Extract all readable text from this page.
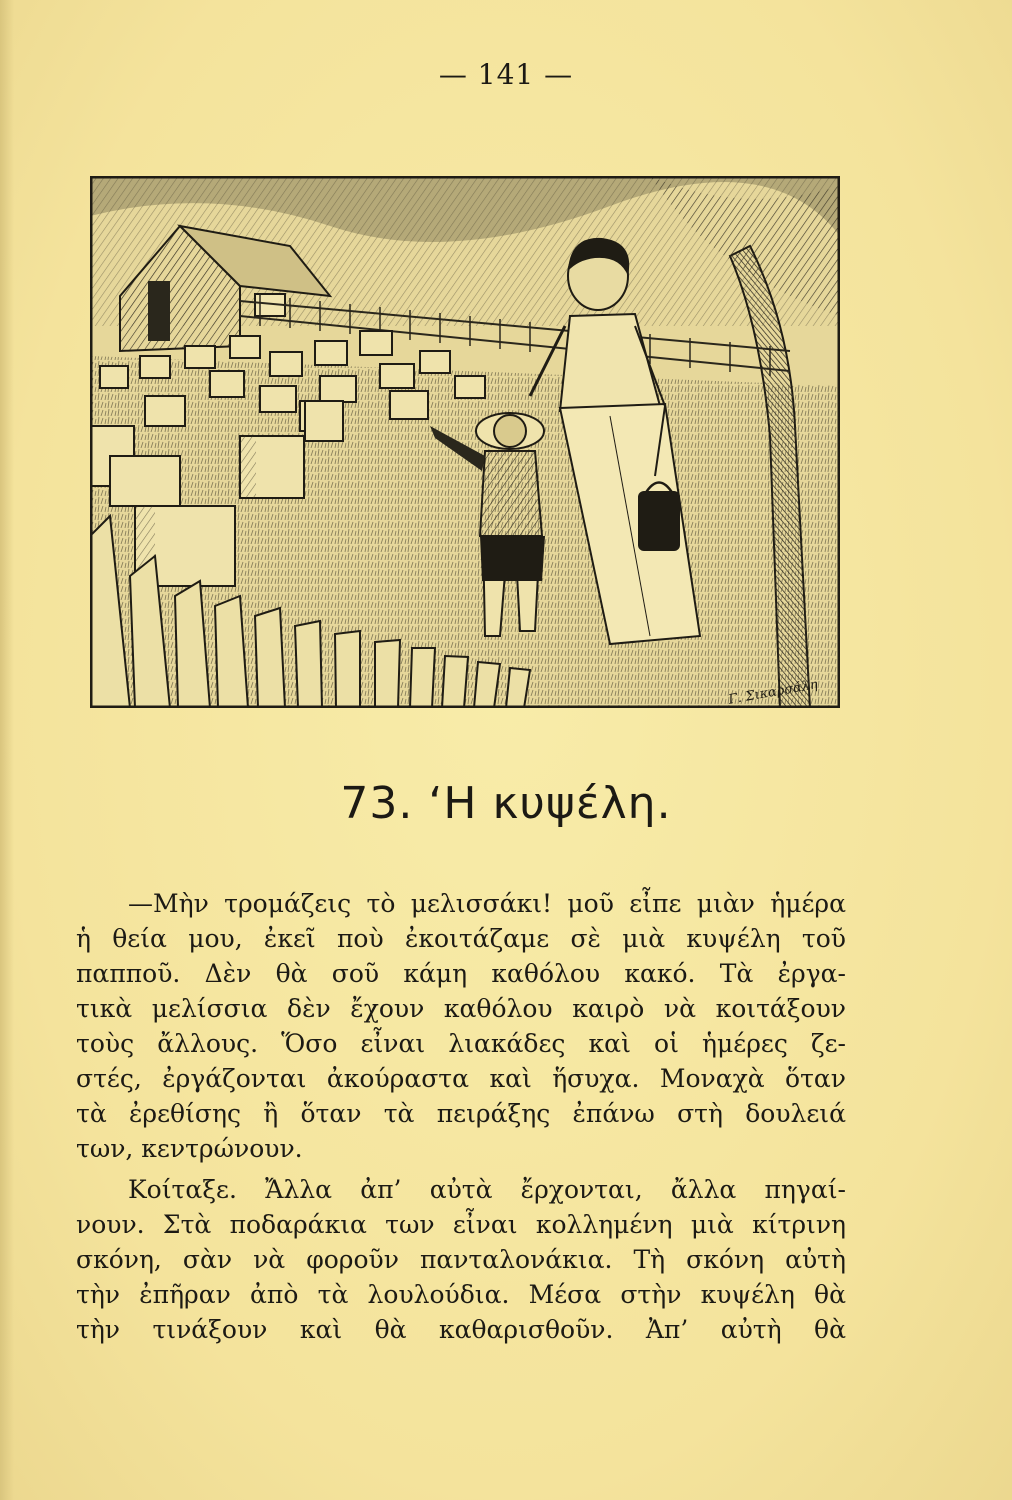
— 141 —
Γ. Σικαρσάλη
73. ‘Η κυψέλη.

—Μὴν τρομάζεις τὸ μελισσάκι! μοῦ εἶπε μιὰν ἡμέρα
ἡ θεία μου, ἐκεῖ ποὺ ἐκοιτάζαμε σὲ μιὰ κυψέλη τοῦ
παπποῦ. Δὲν θὰ σοῦ κάμη καθόλου κακό. Τὰ ἐργα-
τικὰ μελίσσια δὲν ἔχουν καθόλου καιρὸ νὰ κοιτάξουν
τοὺς ἄλλους. Ὅσο εἶναι λιακάδες καὶ οἱ ἡμέρες ζε-
στές, ἐργάζονται ἀκούραστα καὶ ἥσυχα. Μοναχὰ ὅταν
τὰ ἐρεθίσης ἢ ὅταν τὰ πειράξης ἐπάνω στὴ δουλειά
των, κεντρώνουν.

Κοίταξε. Ἄλλα ἀπ’ αὐτὰ ἔρχονται, ἄλλα πηγαί-
νουν. Στὰ ποδαράκια των εἶναι κολλημένη μιὰ κίτρινη
σκόνη, σὰν νὰ φοροῦν πανταλονάκια. Τὴ σκόνη αὐτὴ
τὴν ἐπῆραν ἀπὸ τὰ λουλούδια. Μέσα στὴν κυψέλη θὰ
τὴν τινάξουν καὶ θὰ καθαρισθοῦν. Ἀπ’ αὐτὴ θὰ
